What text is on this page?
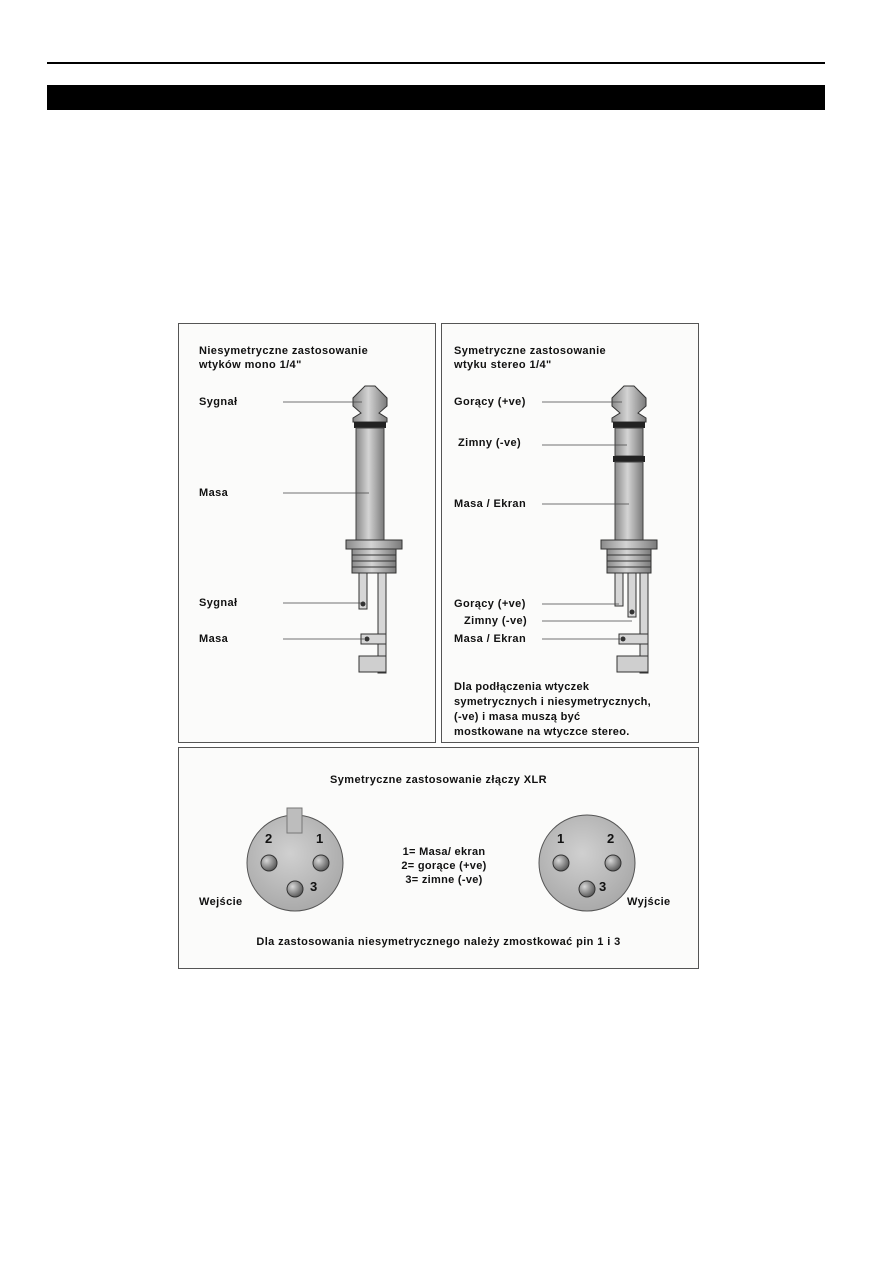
Niesymetryczne zastosowanie
wtyków mono 1/4"
Sygnał
Masa
Sygnał
Masa
Symetryczne zastosowanie
wtyku stereo 1/4"
Gorący (+ve)
Zimny (-ve)
Masa / Ekran
Gorący (+ve)
Zimny (-ve)
Masa / Ekran
Dla podłączenia wtyczek
symetrycznych i niesymetrycznych,
(-ve) i masa muszą być
mostkowane na wtyczce stereo.
Symetryczne zastosowanie złączy XLR
2	1
3
1	2
3
Wejście	Wyjście
1= Masa/ ekran
2= gorące (+ve)
3= zimne (-ve)
Dla zastosowania niesymetrycznego należy zmostkować pin 1 i 3
